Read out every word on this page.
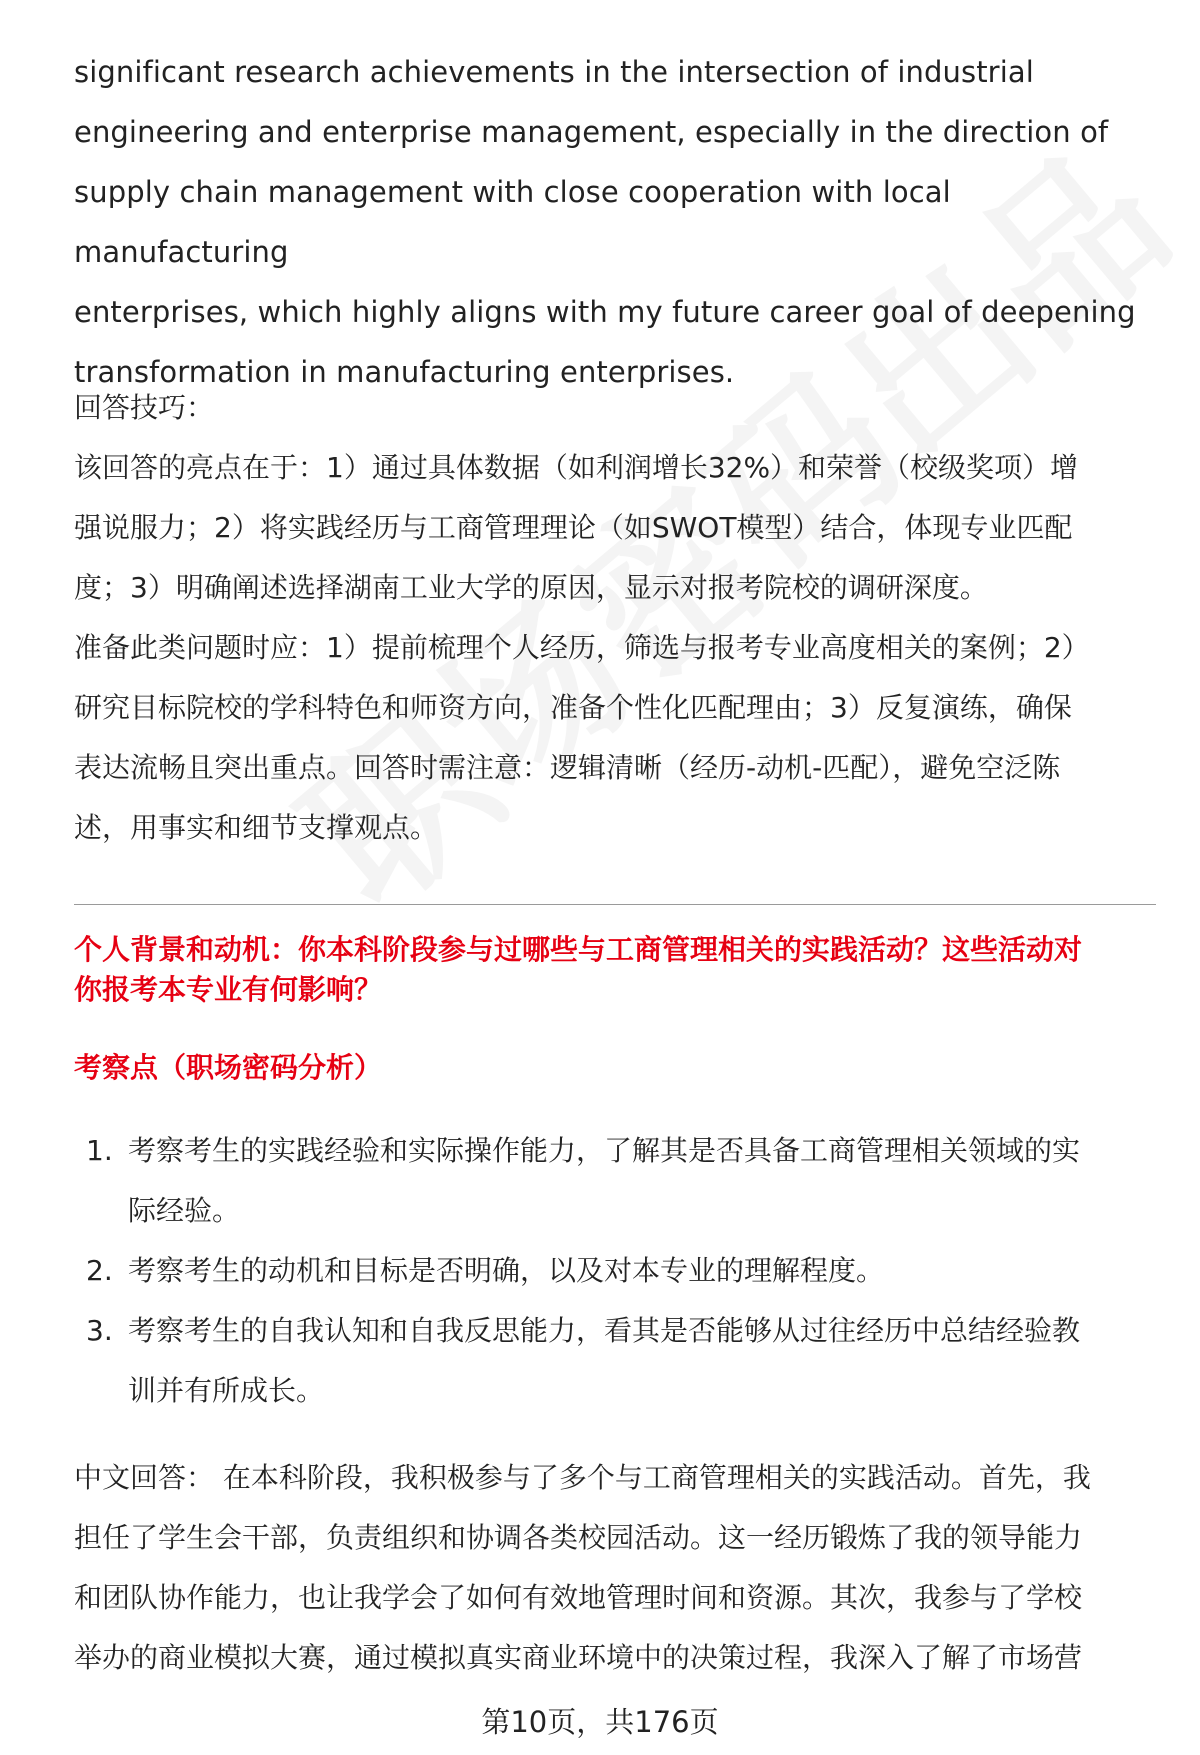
significant research achievements in the intersection of industrial
engineering and enterprise management, especially in the direction of
supply chain management with close cooperation with local manufacturing
enterprises, which highly aligns with my future career goal of deepening
transformation in manufacturing enterprises.
回答技巧：
该回答的亮点在于：1）通过具体数据（如利润增长32%）和荣誉（校级奖项）增
强说服力；2）将实践经历与工商管理理论（如SWOT模型）结合，体现专业匹配
度；3）明确阐述选择湖南工业大学的原因，显示对报考院校的调研深度。
准备此类问题时应：1）提前梳理个人经历，筛选与报考专业高度相关的案例；2）
研究目标院校的学科特色和师资方向，准备个性化匹配理由；3）反复演练，确保
表达流畅且突出重点。回答时需注意：逻辑清晰（经历-动机-匹配），避免空泛陈
述，用事实和细节支撑观点。
个人背景和动机：你本科阶段参与过哪些与工商管理相关的实践活动？这些活动对
你报考本专业有何影响？
考察点（职场密码分析）
1. 考察考生的实践经验和实际操作能力，了解其是否具备工商管理相关领域的实
际经验。
2. 考察考生的动机和目标是否明确，以及对本专业的理解程度。
3. 考察考生的自我认知和自我反思能力，看其是否能够从过往经历中总结经验教
训并有所成长。
中文回答： 在本科阶段，我积极参与了多个与工商管理相关的实践活动。首先，我
担任了学生会干部，负责组织和协调各类校园活动。这一经历锻炼了我的领导能力
和团队协作能力，也让我学会了如何有效地管理时间和资源。其次，我参与了学校
举办的商业模拟大赛，通过模拟真实商业环境中的决策过程，我深入了解了市场营
第10页，共176页
